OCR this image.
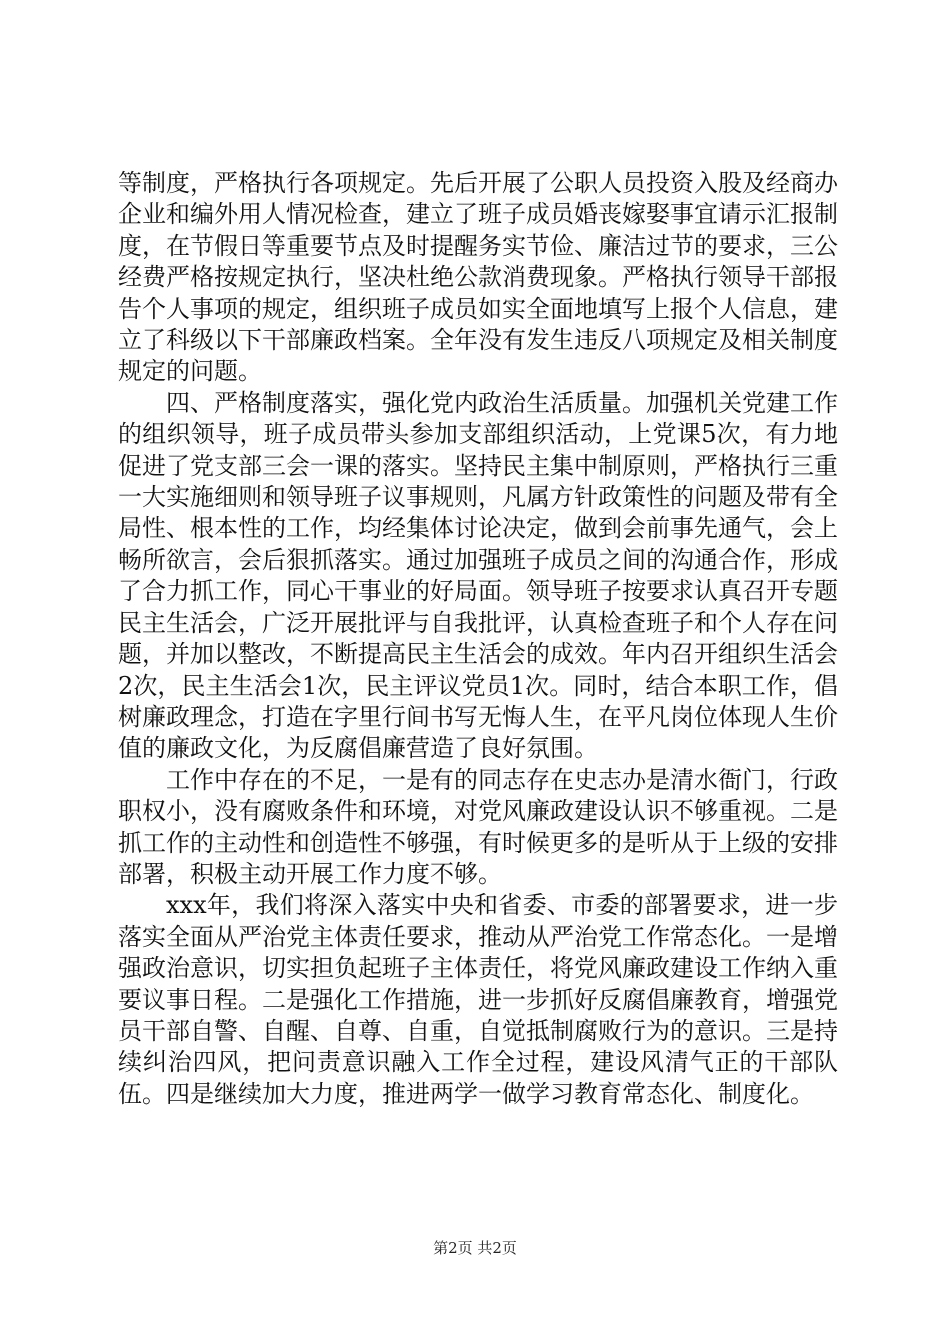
等制度，严格执行各项规定。先后开展了公职人员投资入股及经商办企业和编外用人情况检查，建立了班子成员婚丧嫁娶事宜请示汇报制度，在节假日等重要节点及时提醒务实节俭、廉洁过节的要求，三公经费严格按规定执行，坚决杜绝公款消费现象。严格执行领导干部报告个人事项的规定，组织班子成员如实全面地填写上报个人信息，建立了科级以下干部廉政档案。全年没有发生违反八项规定及相关制度规定的问题。

四、严格制度落实，强化党内政治生活质量。加强机关党建工作的组织领导，班子成员带头参加支部组织活动，上党课5次，有力地促进了党支部三会一课的落实。坚持民主集中制原则，严格执行三重一大实施细则和领导班子议事规则，凡属方针政策性的问题及带有全局性、根本性的工作，均经集体讨论决定，做到会前事先通气，会上畅所欲言，会后狠抓落实。通过加强班子成员之间的沟通合作，形成了合力抓工作，同心干事业的好局面。领导班子按要求认真召开专题民主生活会，广泛开展批评与自我批评，认真检查班子和个人存在问题，并加以整改，不断提高民主生活会的成效。年内召开组织生活会2次，民主生活会1次，民主评议党员1次。同时，结合本职工作，倡树廉政理念，打造在字里行间书写无悔人生，在平凡岗位体现人生价值的廉政文化，为反腐倡廉营造了良好氛围。

工作中存在的不足，一是有的同志存在史志办是清水衙门，行政职权小，没有腐败条件和环境，对党风廉政建设认识不够重视。二是抓工作的主动性和创造性不够强，有时候更多的是听从于上级的安排部署，积极主动开展工作力度不够。

xxx年，我们将深入落实中央和省委、市委的部署要求，进一步落实全面从严治党主体责任要求，推动从严治党工作常态化。一是增强政治意识，切实担负起班子主体责任，将党风廉政建设工作纳入重要议事日程。二是强化工作措施，进一步抓好反腐倡廉教育，增强党员干部自警、自醒、自尊、自重，自觉抵制腐败行为的意识。三是持续纠治四风，把问责意识融入工作全过程，建设风清气正的干部队伍。四是继续加大力度，推进两学一做学习教育常态化、制度化。

第2页 共2页
